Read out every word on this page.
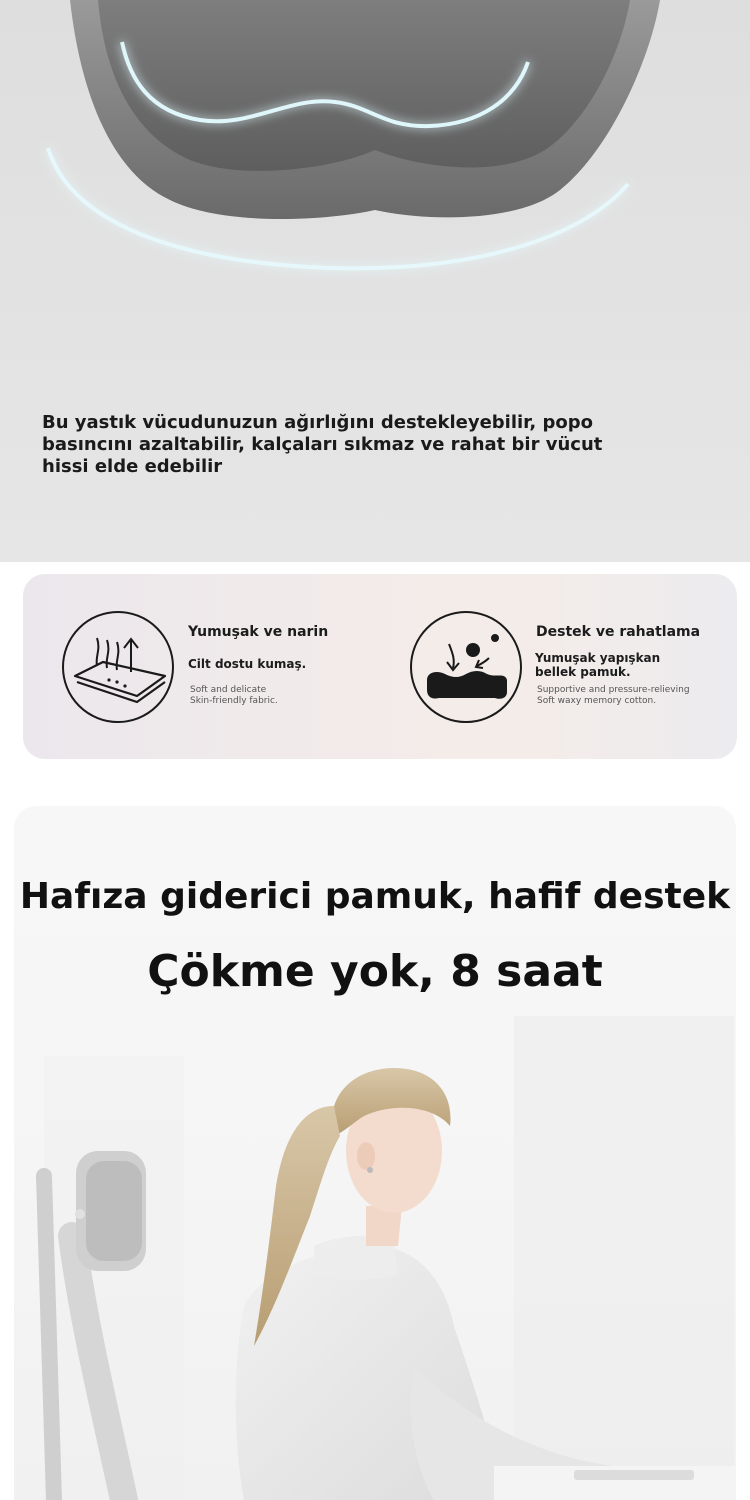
Bu yastık vücudunuzun ağırlığını destekleyebilir, popo basıncını azaltabilir, kalçaları sıkmaz ve rahat bir vücut hissi elde edebilir

Yumuşak ve narin
Cilt dostu kumaş.
Soft and delicate
Skin-friendly fabric.
Destek ve rahatlama
Yumuşak yapışkan bellek pamuk.
Supportive and pressure-relieving
Soft waxy memory cotton.
Hafıza giderici pamuk, hafif destek
Çökme yok, 8 saat
